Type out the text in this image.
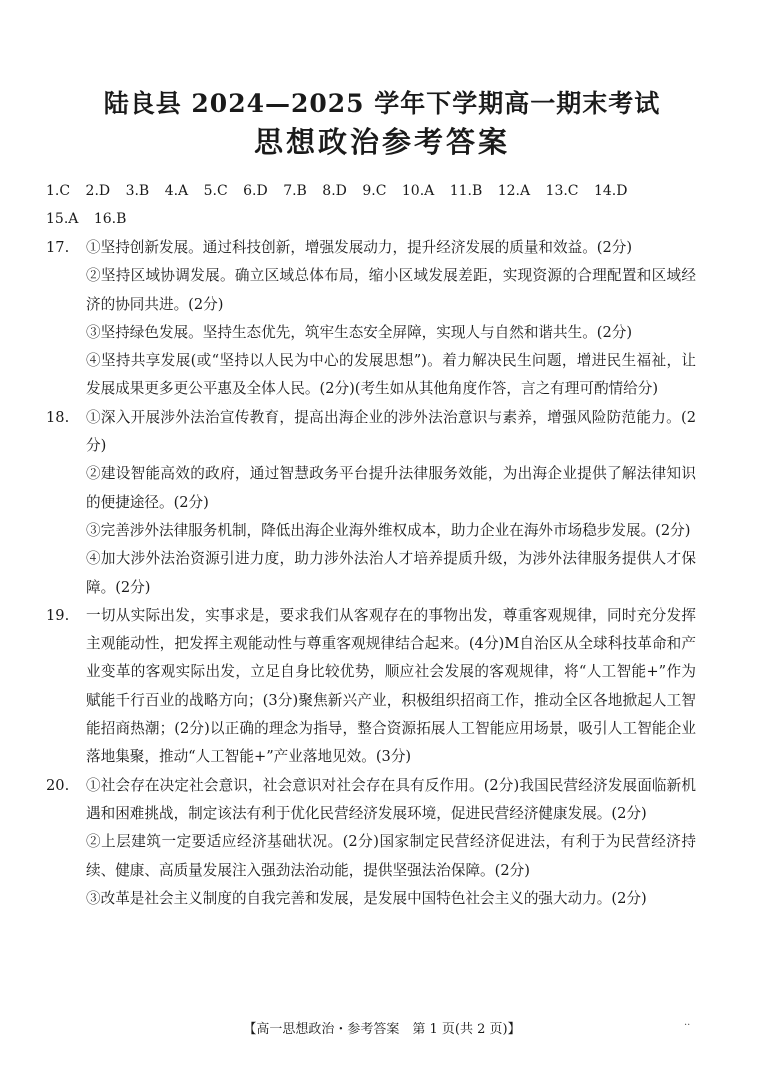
陆良县 2024—2025 学年下学期高一期末考试
思想政治参考答案
1.C 2.D 3.B 4.A 5.C 6.D 7.B 8.D 9.C 10.A 11.B 12.A 13.C 14.D
15.A 16.B
17. ①坚持创新发展。通过科技创新，增强发展动力，提升经济发展的质量和效益。(2分)
②坚持区域协调发展。确立区域总体布局，缩小区域发展差距，实现资源的合理配置和区域经济的协同共进。(2分)
③坚持绿色发展。坚持生态优先，筑牢生态安全屏障，实现人与自然和谐共生。(2分)
④坚持共享发展(或“坚持以人民为中心的发展思想”)。着力解决民生问题，增进民生福祉，让发展成果更多更公平惠及全体人民。(2分)(考生如从其他角度作答，言之有理可酌情给分)
18. ①深入开展涉外法治宣传教育，提高出海企业的涉外法治意识与素养，增强风险防范能力。(2分)
②建设智能高效的政府，通过智慧政务平台提升法律服务效能，为出海企业提供了解法律知识的便捷途径。(2分)
③完善涉外法律服务机制，降低出海企业海外维权成本，助力企业在海外市场稳步发展。(2分)
④加大涉外法治资源引进力度，助力涉外法治人才培养提质升级，为涉外法律服务提供人才保障。(2分)
19. 一切从实际出发，实事求是，要求我们从客观存在的事物出发，尊重客观规律，同时充分发挥主观能动性，把发挥主观能动性与尊重客观规律结合起来。(4分)M自治区从全球科技革命和产业变革的客观实际出发，立足自身比较优势，顺应社会发展的客观规律，将“人工智能+”作为赋能千行百业的战略方向；(3分)聚焦新兴产业，积极组织招商工作，推动全区各地掀起人工智能招商热潮；(2分)以正确的理念为指导，整合资源拓展人工智能应用场景，吸引人工智能企业落地集聚，推动“人工智能+”产业落地见效。(3分)
20. ①社会存在决定社会意识，社会意识对社会存在具有反作用。(2分)我国民营经济发展面临新机遇和困难挑战，制定该法有利于优化民营经济发展环境，促进民营经济健康发展。(2分)
②上层建筑一定要适应经济基础状况。(2分)国家制定民营经济促进法，有利于为民营经济持续、健康、高质量发展注入强劲法治动能，提供坚强法治保障。(2分)
③改革是社会主义制度的自我完善和发展，是发展中国特色社会主义的强大动力。(2分)
【高一思想政治・参考答案　第 1 页(共 2 页)】	··
